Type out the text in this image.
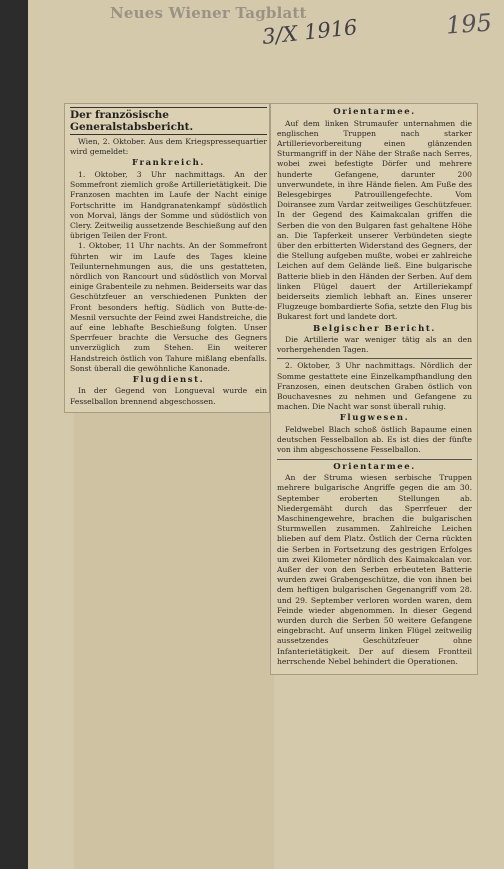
Neues Wiener Tagblatt
3/X 1916	195
Der französische Generalstabsbericht.

Wien, 2. Oktober. Aus dem Kriegspressequartier wird gemeldet:

Frankreich.

1. Oktober, 3 Uhr nachmittags. An der Sommefront ziemlich große Artillerietätigkeit. Die Franzosen machten im Laufe der Nacht einige Fortschritte im Handgranatenkampf südöstlich von Morval, längs der Somme und südöstlich von Clery. Zeitweilig aussetzende Beschießung auf den übrigen Teilen der Front.

1. Oktober, 11 Uhr nachts. An der Sommefront führten wir im Laufe des Tages kleine Teilunternehmungen aus, die uns gestatteten, nördlich von Rancourt und südöstlich von Morval einige Grabenteile zu nehmen. Beiderseits war das Geschützfeuer an verschiedenen Punkten der Front besonders heftig. Südlich von Butte-de-Mesnil versuchte der Feind zwei Handstreiche, die auf eine lebhafte Beschießung folgten. Unser Sperrfeuer brachte die Versuche des Gegners unverzüglich zum Stehen. Ein weiterer Handstreich östlich von Tahure mißlang ebenfalls. Sonst überall die gewöhnliche Kanonade.

Flugdienst.

In der Gegend von Longueval wurde ein Fesselballon brennend abgeschossen.

Orientarmee.

Auf dem linken Strumaufer unternahmen die englischen Truppen nach starker Artillerievorbereitung einen glänzenden Sturmangriff in der Nähe der Straße nach Serres, wobei zwei befestigte Dörfer und mehrere hunderte Gefangene, darunter 200 unverwundete, in ihre Hände fielen. Am Fuße des Belesgebirges Patrouillengefechte. Vom Doiransee zum Vardar zeitweiliges Geschützfeuer. In der Gegend des Kaimakcalan griffen die Serben die von den Bulgaren fast gehaltene Höhe an. Die Tapferkeit unserer Verbündeten siegte über den erbitterten Widerstand des Gegners, der die Stellung aufgeben mußte, wobei er zahlreiche Leichen auf dem Gelände ließ. Eine bulgarische Batterie blieb in den Händen der Serben. Auf dem linken Flügel dauert der Artilleriekampf beiderseits ziemlich lebhaft an. Eines unserer Flugzeuge bombardierte Sofia, setzte den Flug bis Bukarest fort und landete dort.

Belgischer Bericht.

Die Artillerie war weniger tätig als an den vorhergehenden Tagen.

2. Oktober, 3 Uhr nachmittags. Nördlich der Somme gestattete eine Einzelkampfhandlung den Franzosen, einen deutschen Graben östlich von Bouchavesnes zu nehmen und Gefangene zu machen. Die Nacht war sonst überall ruhig.

Flugwesen.

Feldwebel Blach schoß östlich Bapaume einen deutschen Fesselballon ab. Es ist dies der fünfte von ihm abgeschossene Fesselballon.

Orientarmee.

An der Struma wiesen serbische Truppen mehrere bulgarische Angriffe gegen die am 30. September eroberten Stellungen ab. Niedergemäht durch das Sperrfeuer der Maschinengewehre, brachen die bulgarischen Sturmwellen zusammen. Zahlreiche Leichen blieben auf dem Platz. Östlich der Cerna rückten die Serben in Fortsetzung des gestrigen Erfolges um zwei Kilometer nördlich des Kaimakcalan vor. Außer der von den Serben erbeuteten Batterie wurden zwei Grabengeschütze, die von ihnen bei dem heftigen bulgarischen Gegenangriff vom 28. und 29. September verloren worden waren, dem Feinde wieder abgenommen. In dieser Gegend wurden durch die Serben 50 weitere Gefangene eingebracht. Auf unserm linken Flügel zeitweilig aussetzendes Geschützfeuer ohne Infanterietätigkeit. Der auf diesem Frontteil herrschende Nebel behindert die Operationen.
